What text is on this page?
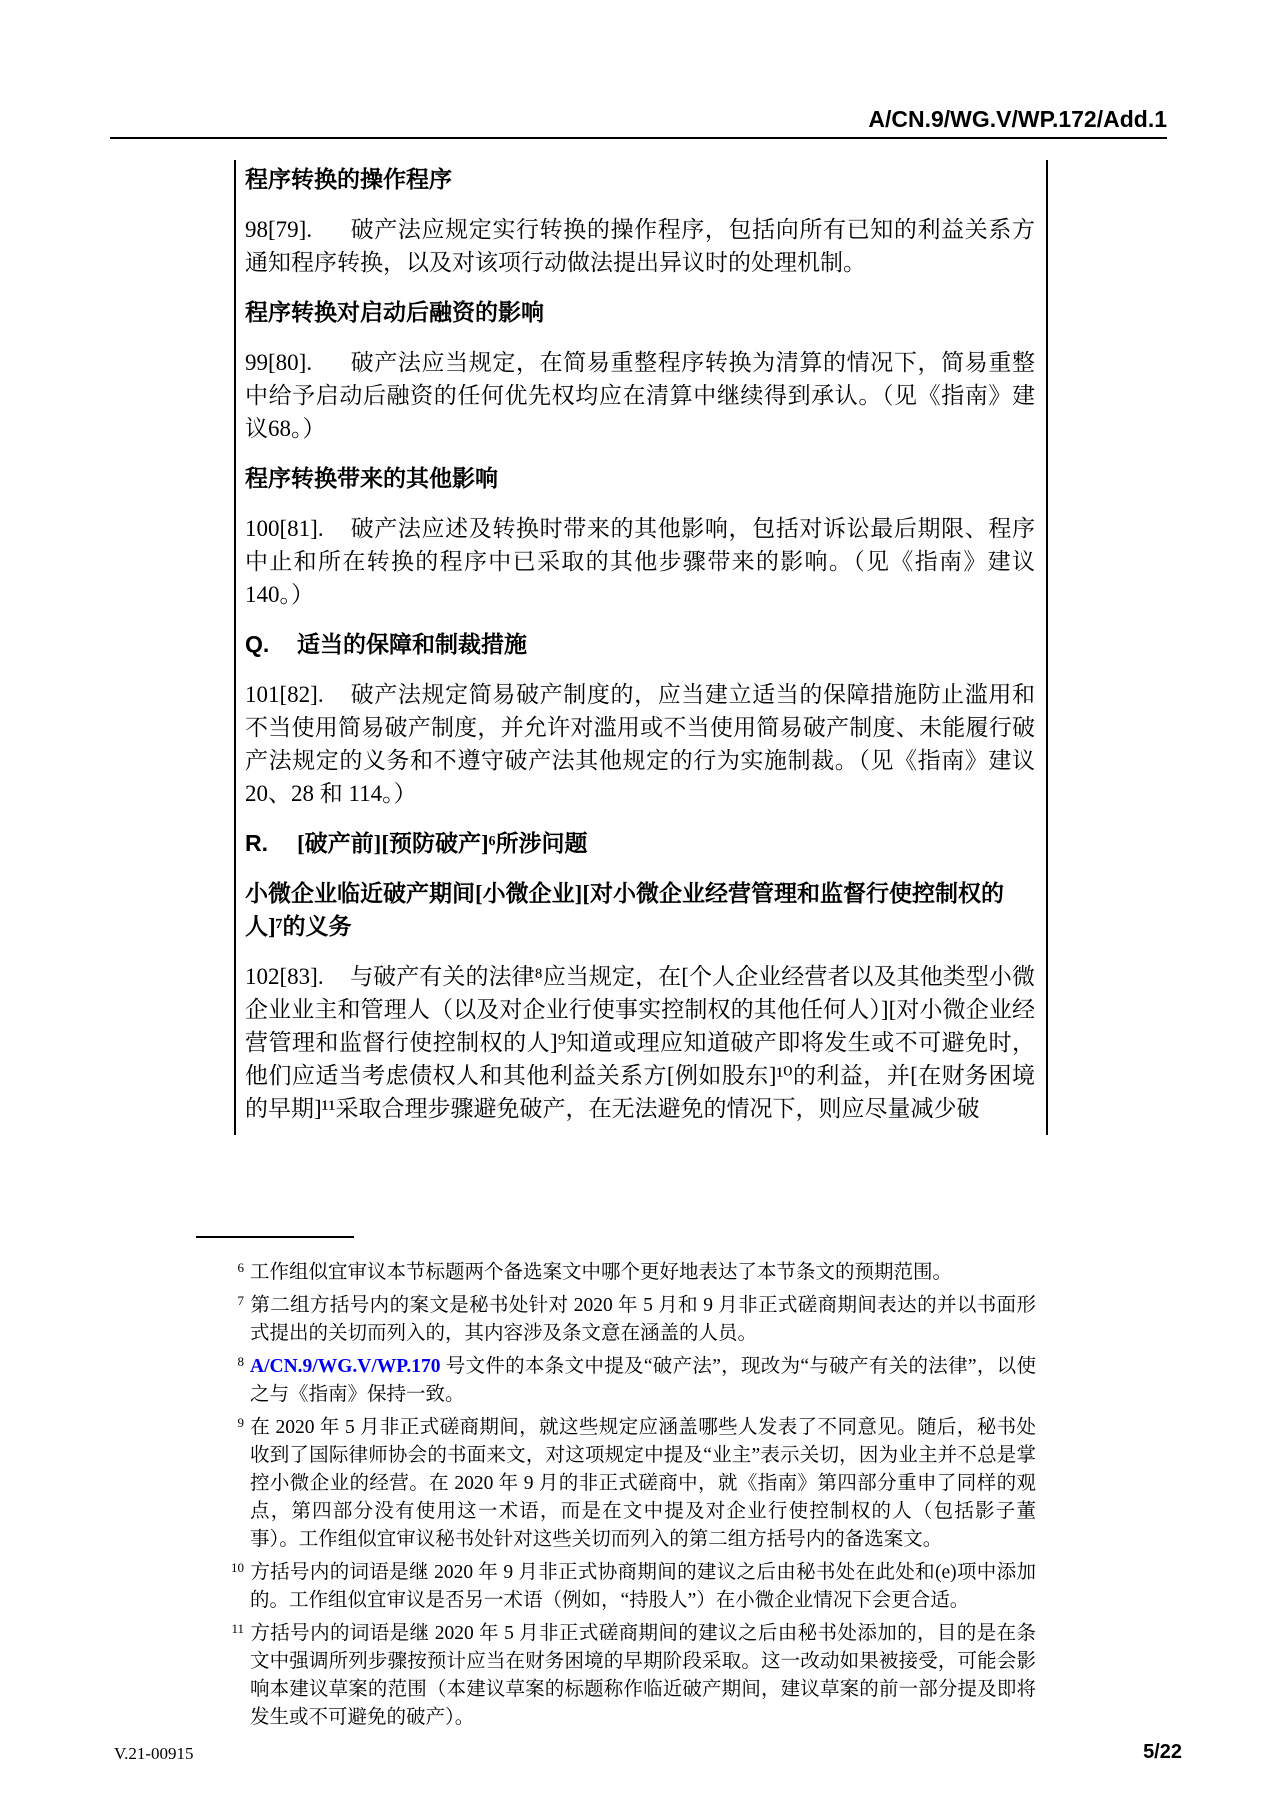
A/CN.9/WG.V/WP.172/Add.1
程序转换的操作程序
98[79]. 破产法应规定实行转换的操作程序，包括向所有已知的利益关系方通知程序转换，以及对该项行动做法提出异议时的处理机制。
程序转换对启动后融资的影响
99[80]. 破产法应当规定，在简易重整程序转换为清算的情况下，简易重整中给予启动后融资的任何优先权均应在清算中继续得到承认。（见《指南》建议68。）
程序转换带来的其他影响
100[81]. 破产法应述及转换时带来的其他影响，包括对诉讼最后期限、程序中止和所在转换的程序中已采取的其他步骤带来的影响。（见《指南》建议140。）
Q. 适当的保障和制裁措施
101[82]. 破产法规定简易破产制度的，应当建立适当的保障措施防止滥用和不当使用简易破产制度，并允许对滥用或不当使用简易破产制度、未能履行破产法规定的义务和不遵守破产法其他规定的行为实施制裁。（见《指南》建议20、28 和 114。）
R. [破产前][预防破产]⁶所涉问题
小微企业临近破产期间[小微企业][对小微企业经营管理和监督行使控制权的人]⁷的义务
102[83]. 与破产有关的法律⁸应当规定，在[个人企业经营者以及其他类型小微企业业主和管理人（以及对企业行使事实控制权的其他任何人）][对小微企业经营管理和监督行使控制权的人]⁹知道或理应知道破产即将发生或不可避免时，他们应适当考虑债权人和其他利益关系方[例如股东]¹⁰的利益，并[在财务困境的早期]¹¹采取合理步骤避免破产，在无法避免的情况下，则应尽量减少破
6 工作组似宜审议本节标题两个备选案文中哪个更好地表达了本节条文的预期范围。
7 第二组方括号内的案文是秘书处针对 2020 年 5 月和 9 月非正式磋商期间表达的并以书面形式提出的关切而列入的，其内容涉及条文意在涵盖的人员。
8 A/CN.9/WG.V/WP.170 号文件的本条文中提及“破产法”，现改为“与破产有关的法律”，以使之与《指南》保持一致。
9 在 2020 年 5 月非正式磋商期间，就这些规定应涵盖哪些人发表了不同意见。随后，秘书处收到了国际律师协会的书面来文，对这项规定中提及“业主”表示关切，因为业主并不总是掌控小微企业的经营。在 2020 年 9 月的非正式磋商中，就《指南》第四部分重申了同样的观点，第四部分没有使用这一术语，而是在文中提及对企业行使控制权的人（包括影子董事）。工作组似宜审议秘书处针对这些关切而列入的第二组方括号内的备选案文。
10 方括号内的词语是继 2020 年 9 月非正式协商期间的建议之后由秘书处在此处和(e)项中添加的。工作组似宜审议是否另一术语（例如，“持股人”）在小微企业情况下会更合适。
11 方括号内的词语是继 2020 年 5 月非正式磋商期间的建议之后由秘书处添加的，目的是在条文中强调所列步骤按预计应当在财务困境的早期阶段采取。这一改动如果被接受，可能会影响本建议草案的范围（本建议草案的标题称作临近破产期间，建议草案的前一部分提及即将发生或不可避免的破产）。
V.21-00915	5/22
